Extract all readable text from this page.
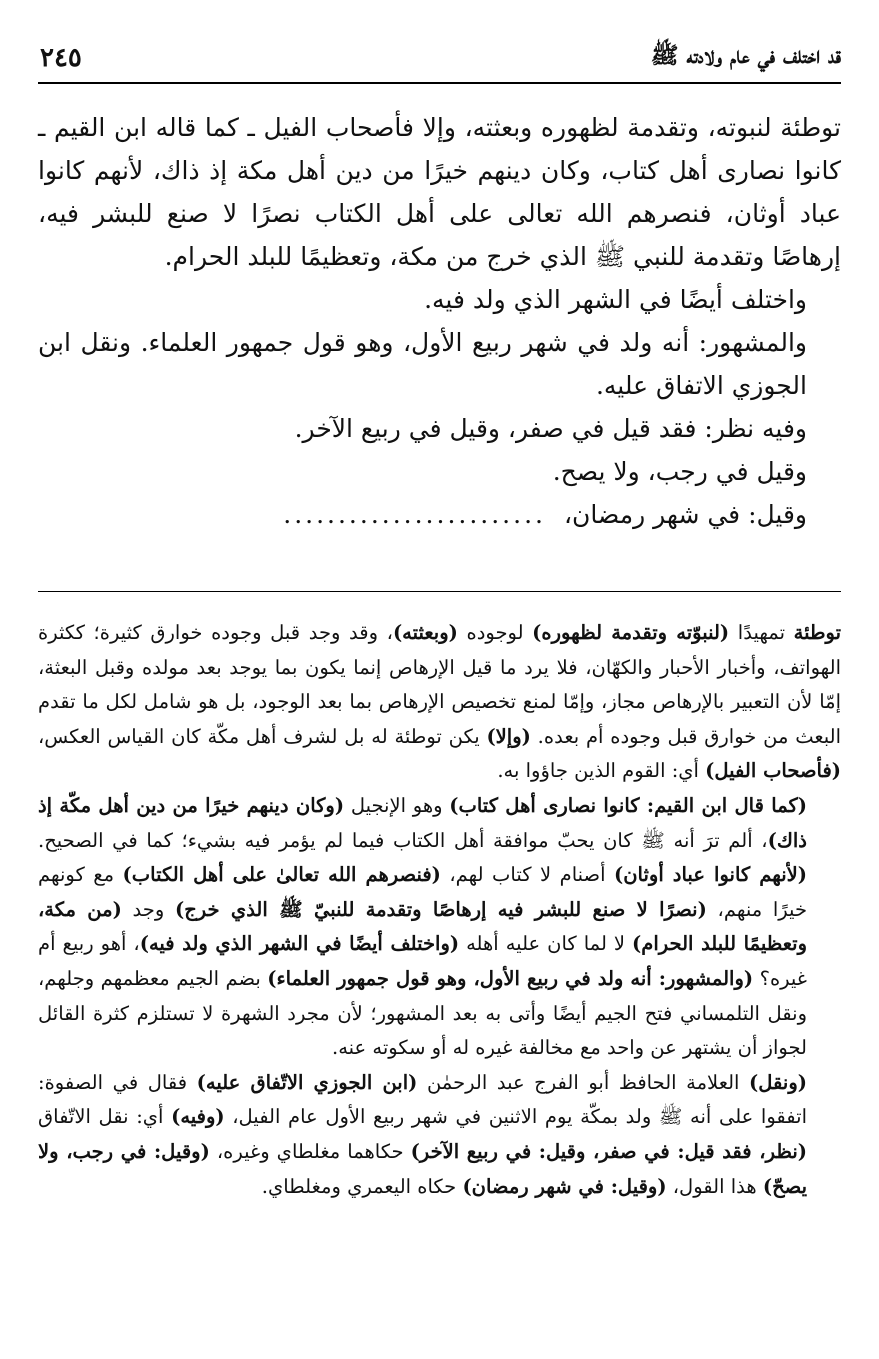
قد اختلف في عام ولادته ﷺ
٢٤٥

توطئة لنبوته، وتقدمة لظهوره وبعثته، وإلا فأصحاب الفيل ـ كما قاله ابن القيم ـ كانوا نصارى أهل كتاب، وكان دينهم خيرًا من دين أهل مكة إذ ذاك، لأنهم كانوا عباد أوثان، فنصرهم الله تعالى على أهل الكتاب نصرًا لا صنع للبشر فيه، إرهاصًا وتقدمة للنبي ﷺ الذي خرج من مكة، وتعظيمًا للبلد الحرام.

واختلف أيضًا في الشهر الذي ولد فيه.

والمشهور: أنه ولد في شهر ربيع الأول، وهو قول جمهور العلماء. ونقل ابن الجوزي الاتفاق عليه.

وفيه نظر: فقد قيل في صفر، وقيل في ربيع الآخر.

وقيل في رجب، ولا يصح.

وقيل: في شهر رمضان،........................

توطئة تمهيدًا (لنبوّته وتقدمة لظهوره) لوجوده (وبعثته)، وقد وجد قبل وجوده خوارق كثيرة؛ ككثرة الهواتف، وأخبار الأحبار والكهّان، فلا يرد ما قيل الإرهاص إنما يكون بما يوجد بعد مولده وقبل البعثة، إمّا لأن التعبير بالإرهاص مجاز، وإمّا لمنع تخصيص الإرهاص بما بعد الوجود، بل هو شامل لكل ما تقدم البعث من خوارق قبل وجوده أم بعده. (وإلا) يكن توطئة له بل لشرف أهل مكّة كان القياس العكس، (فأصحاب الفيل) أي: القوم الذين جاؤوا به.

(كما قال ابن القيم: كانوا نصارى أهل كتاب) وهو الإنجيل (وكان دينهم خيرًا من دين أهل مكّة إذ ذاك)، ألم ترَ أنه ﷺ كان يحبّ موافقة أهل الكتاب فيما لم يؤمر فيه بشيء؛ كما في الصحيح. (لأنهم كانوا عباد أوثان) أصنام لا كتاب لهم، (فنصرهم الله تعالىٰ على أهل الكتاب) مع كونهم خيرًا منهم، (نصرًا لا صنع للبشر فيه إرهاصًا وتقدمة للنبيّ ﷺ الذي خرج) وجد (من مكة، وتعظيمًا للبلد الحرام) لا لما كان عليه أهله (واختلف أيضًا في الشهر الذي ولد فيه)، أهو ربيع أم غيره؟ (والمشهور: أنه ولد في ربيع الأول، وهو قول جمهور العلماء) بضم الجيم معظمهم وجلهم، ونقل التلمساني فتح الجيم أيضًا وأتى به بعد المشهور؛ لأن مجرد الشهرة لا تستلزم كثرة القائل لجواز أن يشتهر عن واحد مع مخالفة غيره له أو سكوته عنه.

(ونقل) العلامة الحافظ أبو الفرج عبد الرحمٰن (ابن الجوزي الاتّفاق عليه) فقال في الصفوة: اتفقوا على أنه ﷺ ولد بمكّة يوم الاثنين في شهر ربيع الأول عام الفيل، (وفيه) أي: نقل الاتّفاق (نظر، فقد قيل: في صفر، وقيل: في ربيع الآخر) حكاهما مغلطاي وغيره، (وقيل: في رجب، ولا يصحّ) هذا القول، (وقيل: في شهر رمضان) حكاه اليعمري ومغلطاي.
